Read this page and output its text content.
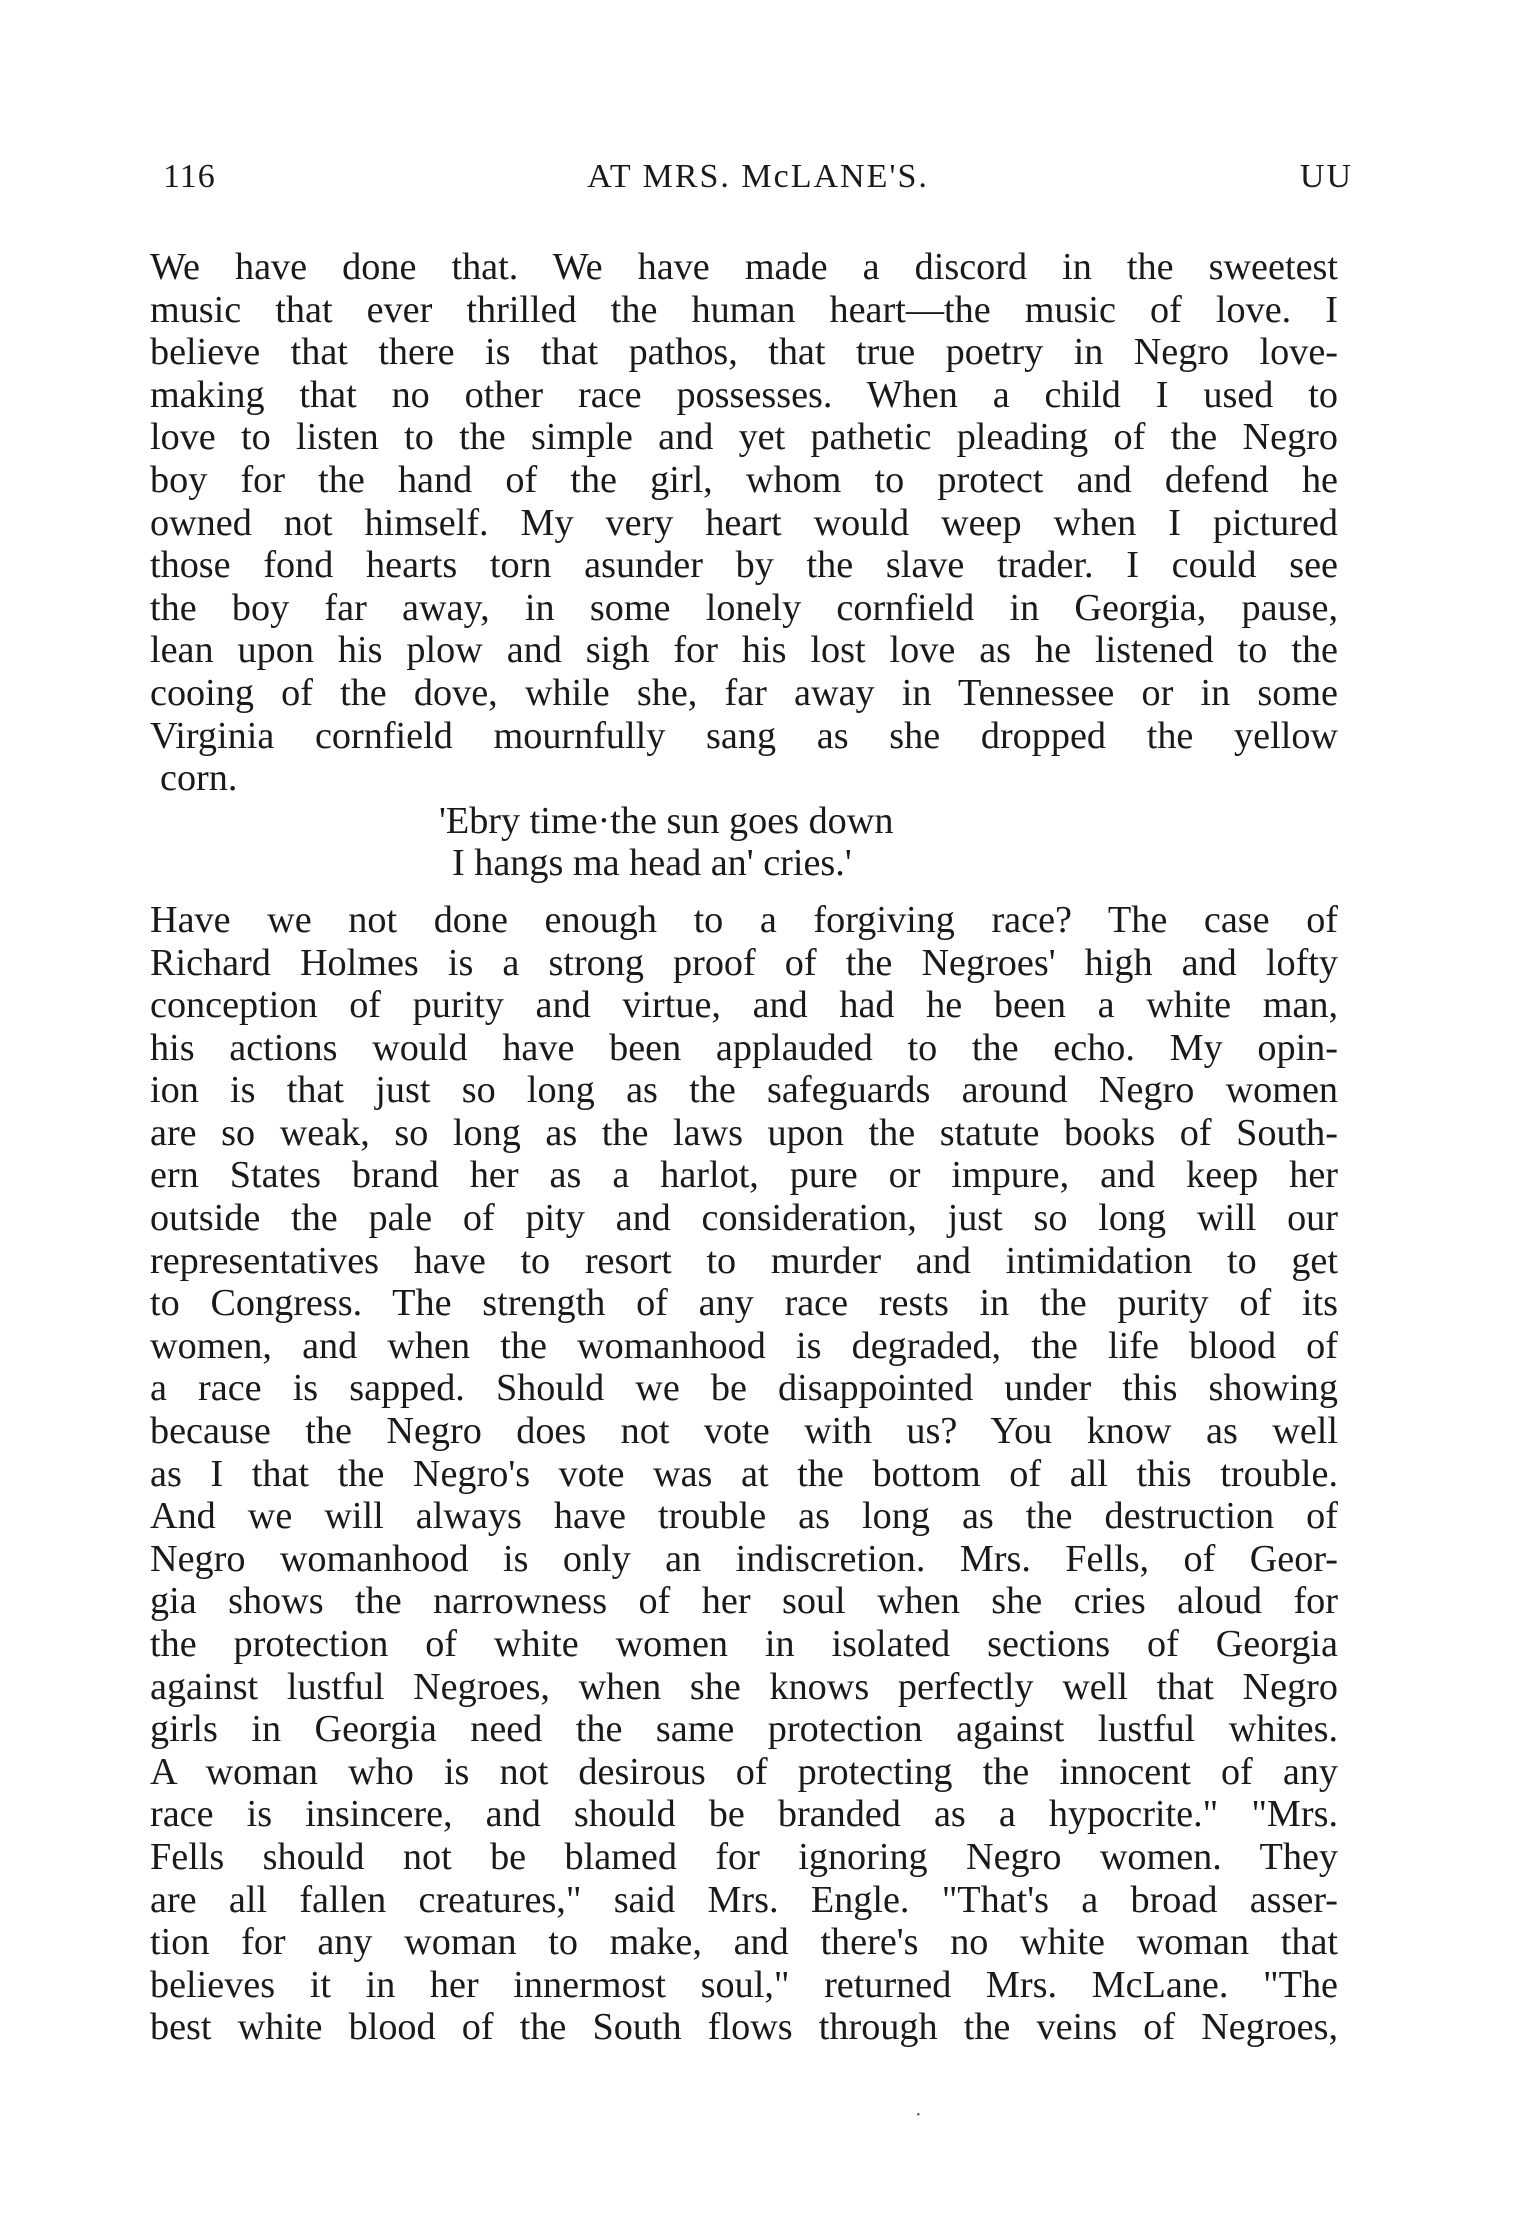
116	AT MRS. McLANE'S.	UU
We have done that. We have made a discord in the sweetest
music that ever thrilled the human heart—the music of love. I
believe that there is that pathos, that true poetry in Negro love-
making that no other race possesses. When a child I used to
love to listen to the simple and yet pathetic pleading of the Negro
boy for the hand of the girl, whom to protect and defend he
owned not himself. My very heart would weep when I pictured
those fond hearts torn asunder by the slave trader. I could see
the boy far away, in some lonely cornfield in Georgia, pause,
lean upon his plow and sigh for his lost love as he listened to the
cooing of the dove, while she, far away in Tennessee or in some
Virginia cornfield mournfully sang as she dropped the yellow
corn.
'Ebry time·the sun goes down
I hangs ma head an' cries.'
Have we not done enough to a forgiving race? The case of
Richard Holmes is a strong proof of the Negroes' high and lofty
conception of purity and virtue, and had he been a white man,
his actions would have been applauded to the echo. My opin-
ion is that just so long as the safeguards around Negro women
are so weak, so long as the laws upon the statute books of South-
ern States brand her as a harlot, pure or impure, and keep her
outside the pale of pity and consideration, just so long will our
representatives have to resort to murder and intimidation to get
to Congress. The strength of any race rests in the purity of its
women, and when the womanhood is degraded, the life blood of
a race is sapped. Should we be disappointed under this showing
because the Negro does not vote with us? You know as well
as I that the Negro's vote was at the bottom of all this trouble.
And we will always have trouble as long as the destruction of
Negro womanhood is only an indiscretion. Mrs. Fells, of Geor-
gia shows the narrowness of her soul when she cries aloud for
the protection of white women in isolated sections of Georgia
against lustful Negroes, when she knows perfectly well that Negro
girls in Georgia need the same protection against lustful whites.
A woman who is not desirous of protecting the innocent of any
race is insincere, and should be branded as a hypocrite." "Mrs.
Fells should not be blamed for ignoring Negro women. They
are all fallen creatures," said Mrs. Engle. "That's a broad asser-
tion for any woman to make, and there's no white woman that
believes it in her innermost soul," returned Mrs. McLane. "The
best white blood of the South flows through the veins of Negroes,
·
